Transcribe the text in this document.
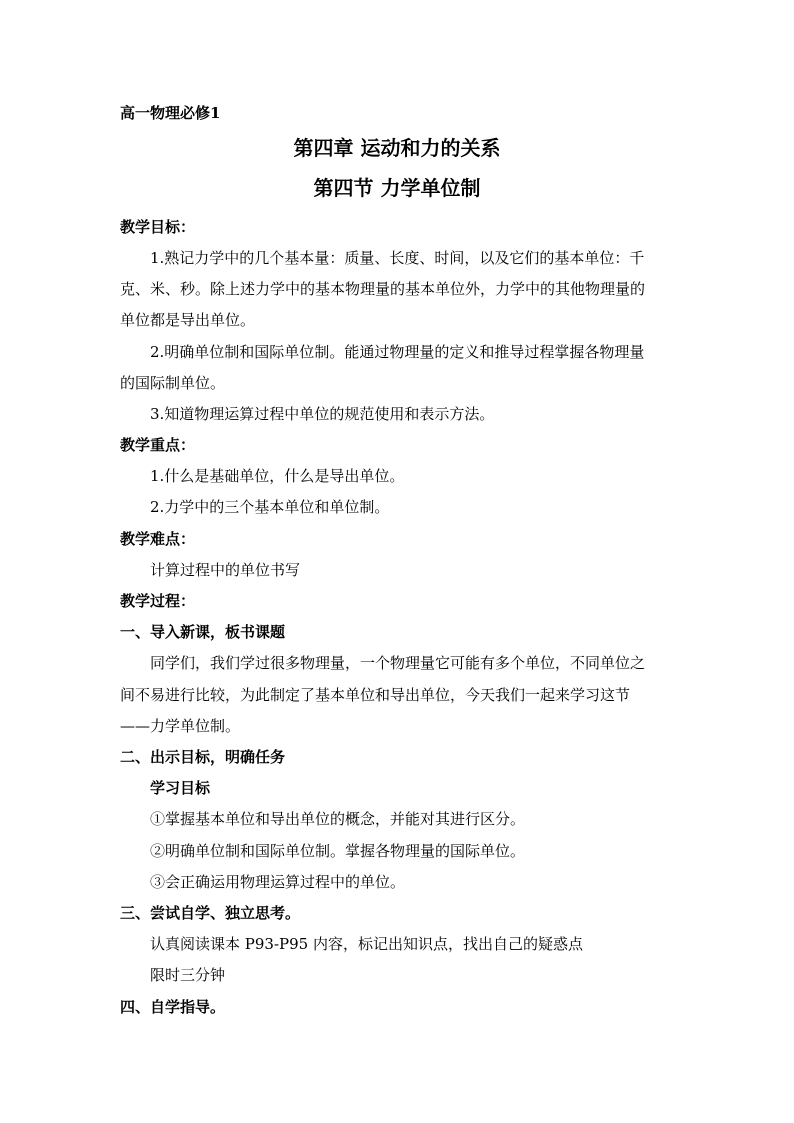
高一物理必修1
第四章 运动和力的关系
第四节 力学单位制
教学目标：
1.熟记力学中的几个基本量：质量、长度、时间，以及它们的基本单位：千
克、米、秒。除上述力学中的基本物理量的基本单位外，力学中的其他物理量的
单位都是导出单位。
2.明确单位制和国际单位制。能通过物理量的定义和推导过程掌握各物理量
的国际制单位。
3.知道物理运算过程中单位的规范使用和表示方法。
教学重点：
1.什么是基础单位，什么是导出单位。
2.力学中的三个基本单位和单位制。
教学难点：
计算过程中的单位书写
教学过程：
一、导入新课，板书课题
同学们，我们学过很多物理量，一个物理量它可能有多个单位，不同单位之
间不易进行比较，为此制定了基本单位和导出单位，今天我们一起来学习这节
——力学单位制。
二、出示目标，明确任务
学习目标
①掌握基本单位和导出单位的概念，并能对其进行区分。
②明确单位制和国际单位制。掌握各物理量的国际单位。
③会正确运用物理运算过程中的单位。
三、尝试自学、独立思考。
认真阅读课本 P93-P95 内容，标记出知识点，找出自己的疑惑点
限时三分钟
四、自学指导。
